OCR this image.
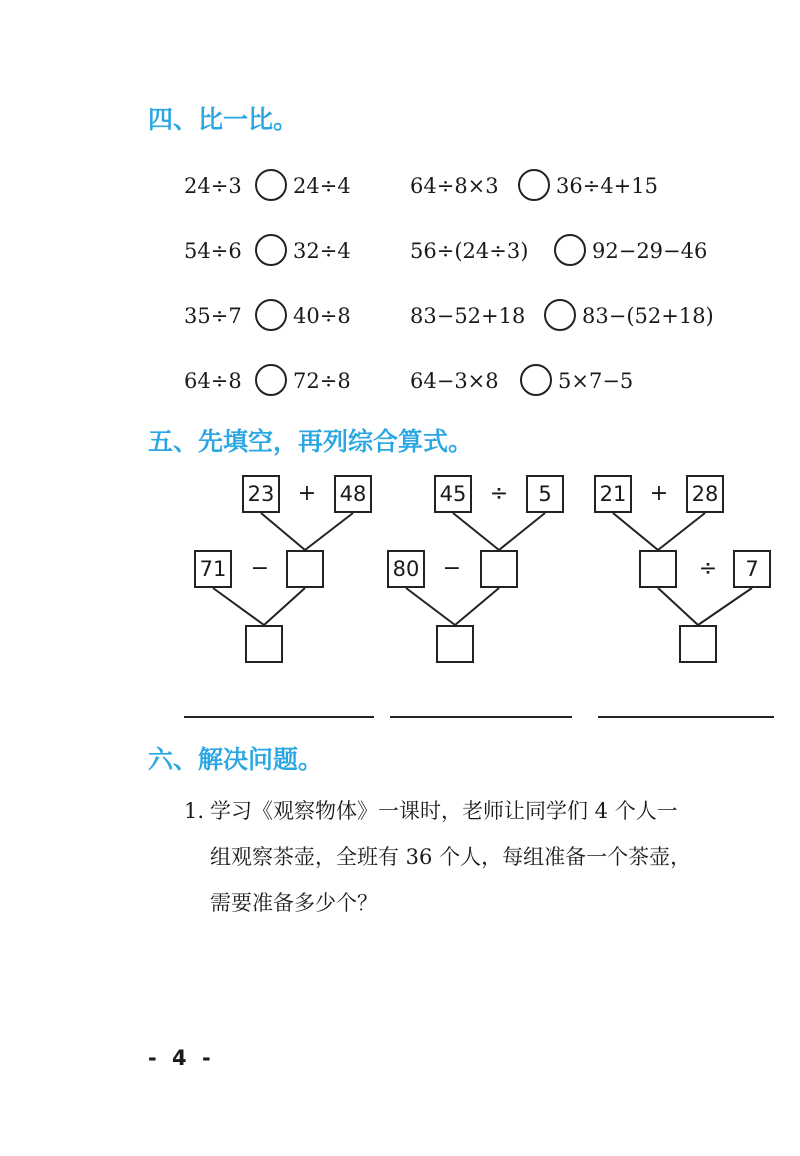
四、比一比。
24÷3 24÷4	64÷8×3	36÷4+15
54÷6 32÷4	56÷(24÷3)	92−29−46
35÷7 40÷8	83−52+18	83−(52+18)
64÷8 72÷8	64−3×8	5×7−5
五、先填空，再列综合算式。
23 + 48
71 −
45 ÷	5
80 −
21 + 28
÷	7
六、解决问题。

1. 学习《观察物体》一课时，老师让同学们 4 个人一

组观察茶壶，全班有 36 个人，每组准备一个茶壶，

需要准备多少个？

- 4 -
